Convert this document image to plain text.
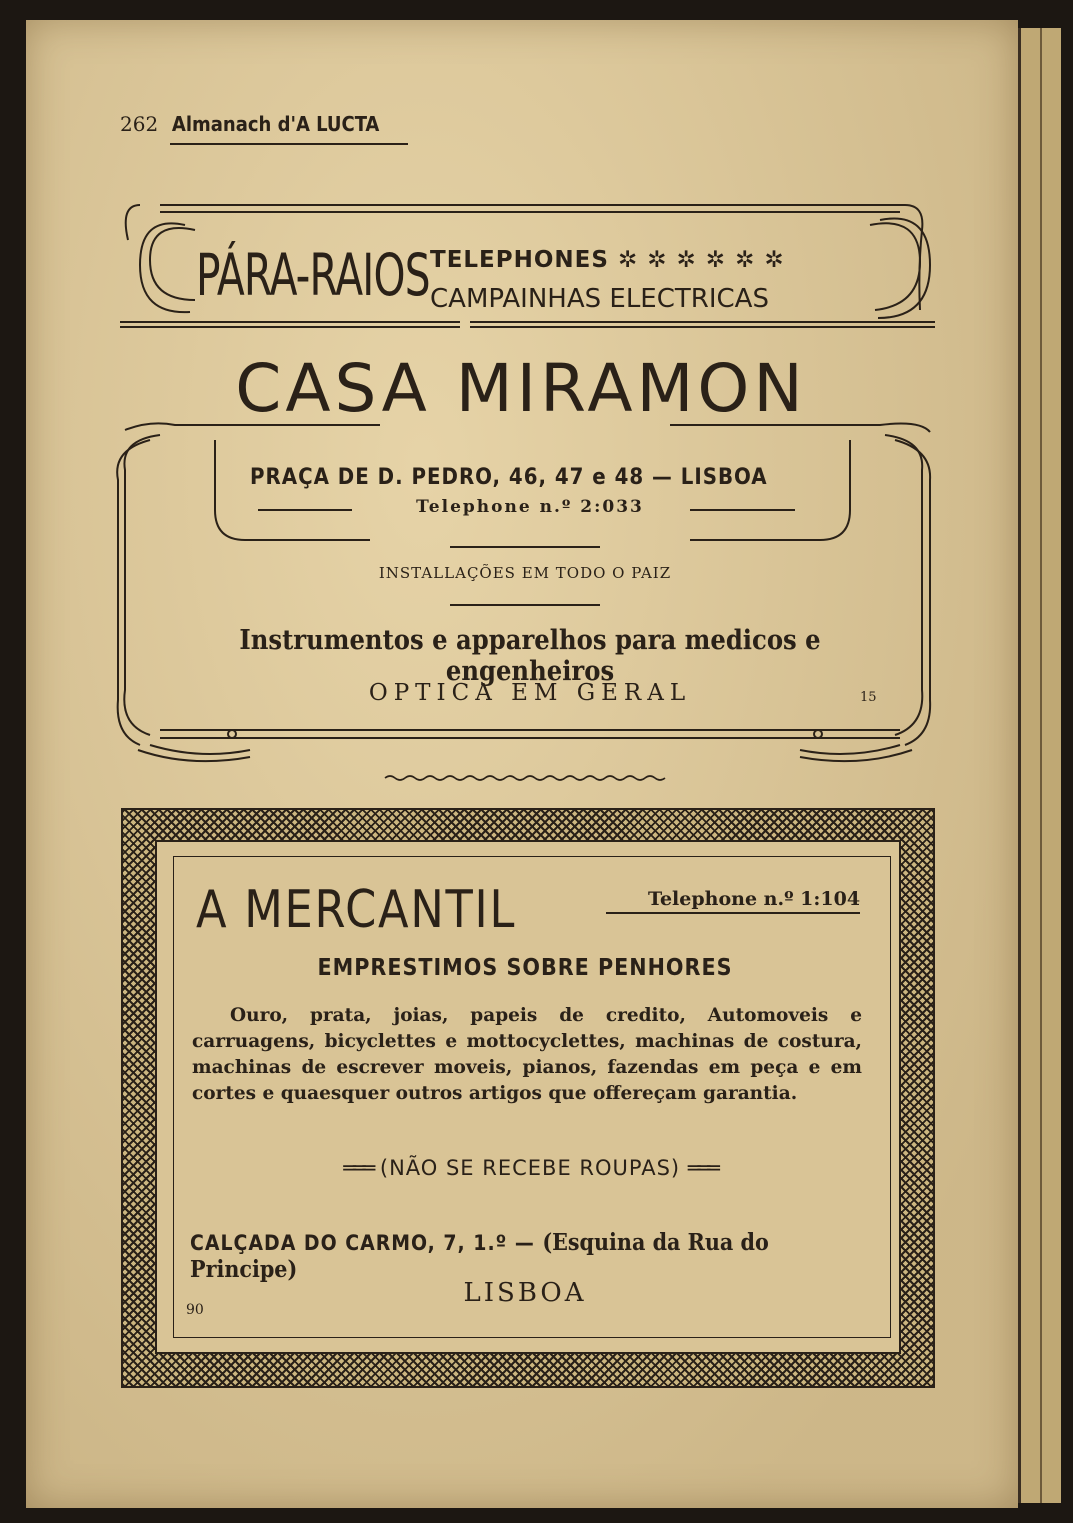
262 Almanach d'A LUCTA
PÁRA-RAIOS TELEPHONES ✲ ✲ ✲ ✲ ✲ ✲
CAMPAINHAS ELECTRICAS
CASA MIRAMON
PRAÇA DE D. PEDRO, 46, 47 e 48 — LISBOA
Telephone n.º 2:033
INSTALLAÇÕES EM TODO O PAIZ
Instrumentos e apparelhos para medicos e engenheiros
OPTICA EM GERAL	15
A MERCANTIL	Telephone n.º 1:104
EMPRESTIMOS SOBRE PENHORES
Ouro, prata, joias, papeis de credito, Automoveis e carruagens, bicyclettes e mottocyclettes, machinas de costura, machinas de escrever moveis, pianos, fazendas em peça e em cortes e quaesquer outros artigos que offereçam garantia.
═══ (NÃO SE RECEBE ROUPAS) ═══
CALÇADA DO CARMO, 7, 1.º — (Esquina da Rua do Principe)
LISBOA
90
